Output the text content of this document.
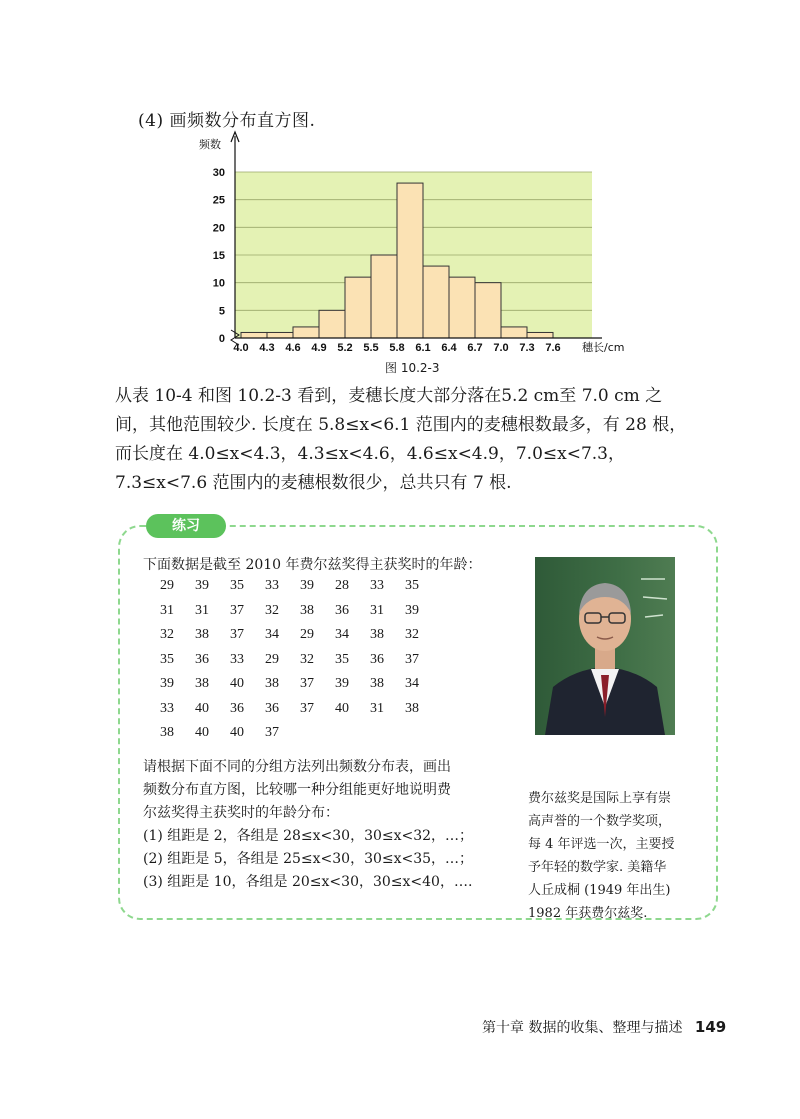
(4) 画频数分布直方图.
0
5
10
15
20
25
30
4.0 4.3 4.6 4.9 5.2 5.5 5.8 6.1 6.4 6.7 7.0 7.3 7.6
频数
穗长/cm
图 10.2-3

从表 10-4 和图 10.2-3 看到，麦穗长度大部分落在5.2 cm至 7.0 cm 之

间，其他范围较少. 长度在 5.8≤x<6.1 范围内的麦穗根数最多，有 28 根，

而长度在 4.0≤x<4.3，4.3≤x<4.6，4.6≤x<4.9，7.0≤x<7.3，

7.3≤x<7.6 范围内的麦穗根数很少，总共只有 7 根.

练习
下面数据是截至 2010 年费尔兹奖得主获奖时的年龄：
29	39	35	33	39	28	33	35
31	31	37	32	38	36	31	39
32	38	37	34	29	34	38	32
35	36	33	29	32	35	36	37
39	38	40	38	37	39	38	34
33	40	36	36	37	40	31	38
38	40	40	37

请根据下面不同的分组方法列出频数分布表，画出

频数分布直方图，比较哪一种分组能更好地说明费

尔兹奖得主获奖时的年龄分布：

(1) 组距是 2，各组是 28≤x<30，30≤x<32，…；

(2) 组距是 5，各组是 25≤x<30，30≤x<35，…；

(3) 组距是 10，各组是 20≤x<30，30≤x<40，….

费尔兹奖是国际上享有崇

高声誉的一个数学奖项，

每 4 年评选一次，主要授

予年轻的数学家. 美籍华

人丘成桐 (1949 年出生)

1982 年获费尔兹奖.

第十章 数据的收集、整理与描述 149
